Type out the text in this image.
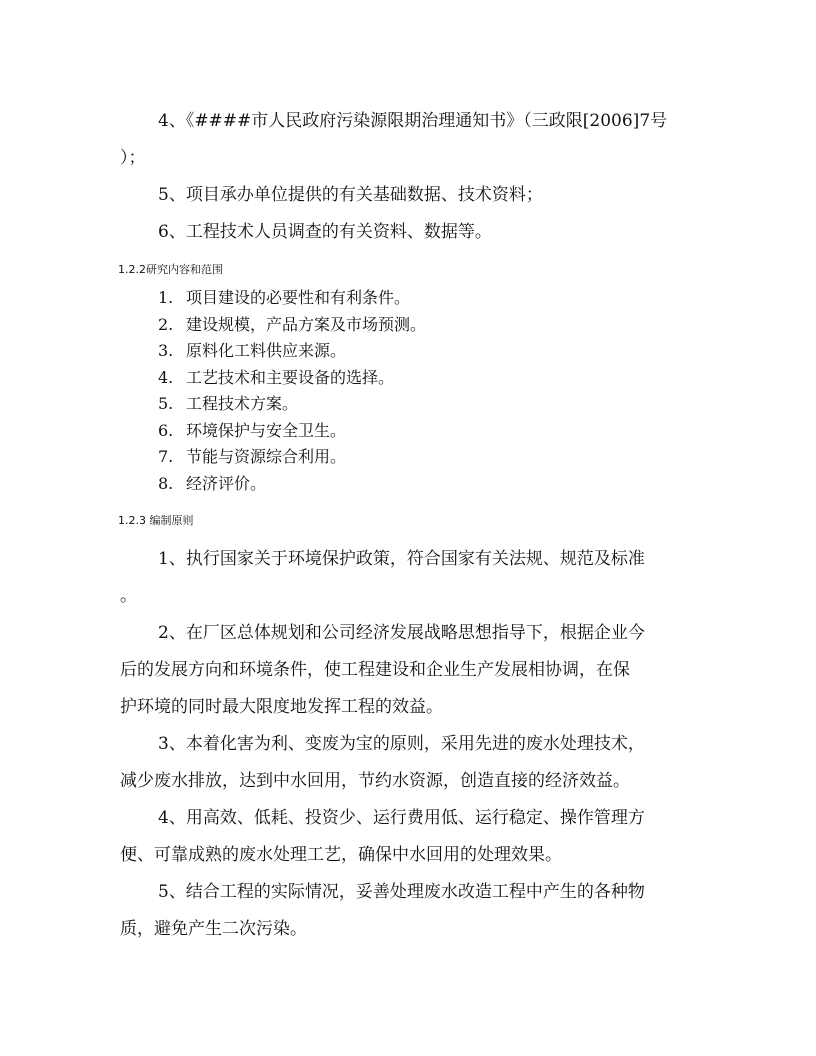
4、《####市人民政府污染源限期治理通知书》（三政限[2006]7号
）；

5、项目承办单位提供的有关基础数据、技术资料；

6、工程技术人员调查的有关资料、数据等。

1.2.2研究内容和范围

1. 项目建设的必要性和有利条件。
2. 建设规模，产品方案及市场预测。
3. 原料化工料供应来源。
4. 工艺技术和主要设备的选择。
5. 工程技术方案。
6. 环境保护与安全卫生。
7. 节能与资源综合利用。
8. 经济评价。

1.2.3 编制原则

1、执行国家关于环境保护政策，符合国家有关法规、规范及标准
。

2、在厂区总体规划和公司经济发展战略思想指导下，根据企业今
后的发展方向和环境条件，使工程建设和企业生产发展相协调，在保
护环境的同时最大限度地发挥工程的效益。

3、本着化害为利、变废为宝的原则，采用先进的废水处理技术，
减少废水排放，达到中水回用，节约水资源，创造直接的经济效益。

4、用高效、低耗、投资少、运行费用低、运行稳定、操作管理方
便、可靠成熟的废水处理工艺，确保中水回用的处理效果。

5、结合工程的实际情况，妥善处理废水改造工程中产生的各种物
质，避免产生二次污染。
